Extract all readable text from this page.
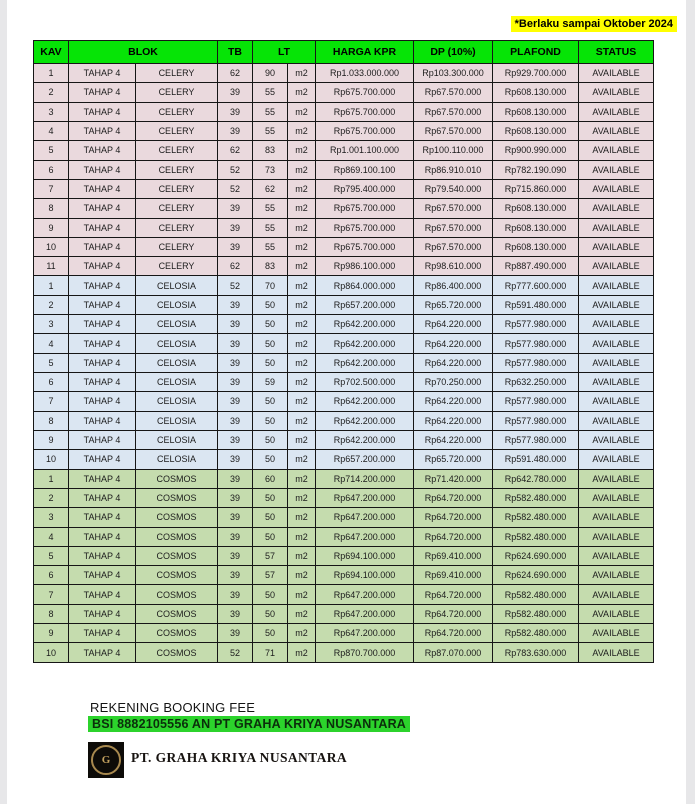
*Berlaku sampai Oktober 2024
KAV	BLOK		TB	LT		HARGA KPR	DP (10%)	PLAFOND	STATUS
1	TAHAP 4	CELERY	62	90	m2	Rp1.033.000.000	Rp103.300.000	Rp929.700.000	AVAILABLE
2	TAHAP 4	CELERY	39	55	m2	Rp675.700.000	Rp67.570.000	Rp608.130.000	AVAILABLE
3	TAHAP 4	CELERY	39	55	m2	Rp675.700.000	Rp67.570.000	Rp608.130.000	AVAILABLE
4	TAHAP 4	CELERY	39	55	m2	Rp675.700.000	Rp67.570.000	Rp608.130.000	AVAILABLE
5	TAHAP 4	CELERY	62	83	m2	Rp1.001.100.000	Rp100.110.000	Rp900.990.000	AVAILABLE
6	TAHAP 4	CELERY	52	73	m2	Rp869.100.100	Rp86.910.010	Rp782.190.090	AVAILABLE
7	TAHAP 4	CELERY	52	62	m2	Rp795.400.000	Rp79.540.000	Rp715.860.000	AVAILABLE
8	TAHAP 4	CELERY	39	55	m2	Rp675.700.000	Rp67.570.000	Rp608.130.000	AVAILABLE
9	TAHAP 4	CELERY	39	55	m2	Rp675.700.000	Rp67.570.000	Rp608.130.000	AVAILABLE
10	TAHAP 4	CELERY	39	55	m2	Rp675.700.000	Rp67.570.000	Rp608.130.000	AVAILABLE
11	TAHAP 4	CELERY	62	83	m2	Rp986.100.000	Rp98.610.000	Rp887.490.000	AVAILABLE
1	TAHAP 4	CELOSIA	52	70	m2	Rp864.000.000	Rp86.400.000	Rp777.600.000	AVAILABLE
2	TAHAP 4	CELOSIA	39	50	m2	Rp657.200.000	Rp65.720.000	Rp591.480.000	AVAILABLE
3	TAHAP 4	CELOSIA	39	50	m2	Rp642.200.000	Rp64.220.000	Rp577.980.000	AVAILABLE
4	TAHAP 4	CELOSIA	39	50	m2	Rp642.200.000	Rp64.220.000	Rp577.980.000	AVAILABLE
5	TAHAP 4	CELOSIA	39	50	m2	Rp642.200.000	Rp64.220.000	Rp577.980.000	AVAILABLE
6	TAHAP 4	CELOSIA	39	59	m2	Rp702.500.000	Rp70.250.000	Rp632.250.000	AVAILABLE
7	TAHAP 4	CELOSIA	39	50	m2	Rp642.200.000	Rp64.220.000	Rp577.980.000	AVAILABLE
8	TAHAP 4	CELOSIA	39	50	m2	Rp642.200.000	Rp64.220.000	Rp577.980.000	AVAILABLE
9	TAHAP 4	CELOSIA	39	50	m2	Rp642.200.000	Rp64.220.000	Rp577.980.000	AVAILABLE
10	TAHAP 4	CELOSIA	39	50	m2	Rp657.200.000	Rp65.720.000	Rp591.480.000	AVAILABLE
1	TAHAP 4	COSMOS	39	60	m2	Rp714.200.000	Rp71.420.000	Rp642.780.000	AVAILABLE
2	TAHAP 4	COSMOS	39	50	m2	Rp647.200.000	Rp64.720.000	Rp582.480.000	AVAILABLE
3	TAHAP 4	COSMOS	39	50	m2	Rp647.200.000	Rp64.720.000	Rp582.480.000	AVAILABLE
4	TAHAP 4	COSMOS	39	50	m2	Rp647.200.000	Rp64.720.000	Rp582.480.000	AVAILABLE
5	TAHAP 4	COSMOS	39	57	m2	Rp694.100.000	Rp69.410.000	Rp624.690.000	AVAILABLE
6	TAHAP 4	COSMOS	39	57	m2	Rp694.100.000	Rp69.410.000	Rp624.690.000	AVAILABLE
7	TAHAP 4	COSMOS	39	50	m2	Rp647.200.000	Rp64.720.000	Rp582.480.000	AVAILABLE
8	TAHAP 4	COSMOS	39	50	m2	Rp647.200.000	Rp64.720.000	Rp582.480.000	AVAILABLE
9	TAHAP 4	COSMOS	39	50	m2	Rp647.200.000	Rp64.720.000	Rp582.480.000	AVAILABLE
10	TAHAP 4	COSMOS	52	71	m2	Rp870.700.000	Rp87.070.000	Rp783.630.000	AVAILABLE
REKENING BOOKING FEE
BSI 8882105556 AN PT GRAHA KRIYA NUSANTARA
G PT. GRAHA KRIYA NUSANTARA
